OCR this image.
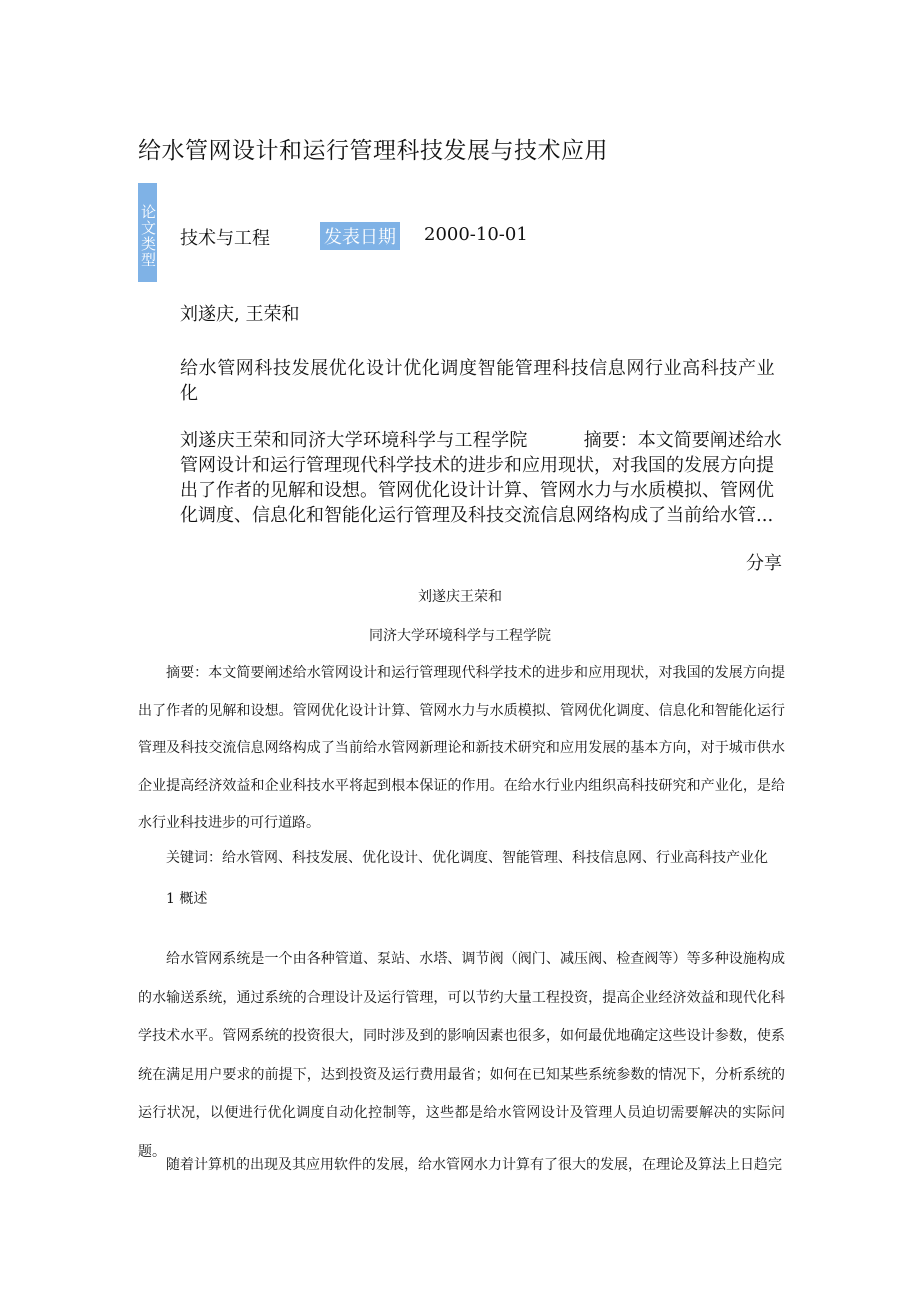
给水管网设计和运行管理科技发展与技术应用
论文类型 技术与工程	发表日期 2000-10-01
刘遂庆, 王荣和
给水管网科技发展优化设计优化调度智能管理科技信息网行业高科技产业化
刘遂庆王荣和同济大学环境科学与工程学院	摘要：本文简要阐述给水管网设计和运行管理现代科学技术的进步和应用现状，对我国的发展方向提出了作者的见解和设想。管网优化设计计算、管网水力与水质模拟、管网优化调度、信息化和智能化运行管理及科技交流信息网络构成了当前给水管...
分享
刘遂庆王荣和
同济大学环境科学与工程学院
摘要：本文简要阐述给水管网设计和运行管理现代科学技术的进步和应用现状，对我国的发展方向提出了作者的见解和设想。管网优化设计计算、管网水力与水质模拟、管网优化调度、信息化和智能化运行管理及科技交流信息网络构成了当前给水管网新理论和新技术研究和应用发展的基本方向，对于城市供水企业提高经济效益和企业科技水平将起到根本保证的作用。在给水行业内组织高科技研究和产业化，是给水行业科技进步的可行道路。
关键词：给水管网、科技发展、优化设计、优化调度、智能管理、科技信息网、行业高科技产业化
1 概述
给水管网系统是一个由各种管道、泵站、水塔、调节阀（阀门、减压阀、检查阀等）等多种设施构成的水输送系统，通过系统的合理设计及运行管理，可以节约大量工程投资，提高企业经济效益和现代化科学技术水平。管网系统的投资很大，同时涉及到的影响因素也很多，如何最优地确定这些设计参数，使系统在满足用户要求的前提下，达到投资及运行费用最省；如何在已知某些系统参数的情况下，分析系统的运行状况，以便进行优化调度自动化控制等，这些都是给水管网设计及管理人员迫切需要解决的实际问题。
随着计算机的出现及其应用软件的发展，给水管网水力计算有了很大的发展，在理论及算法上日趋完
